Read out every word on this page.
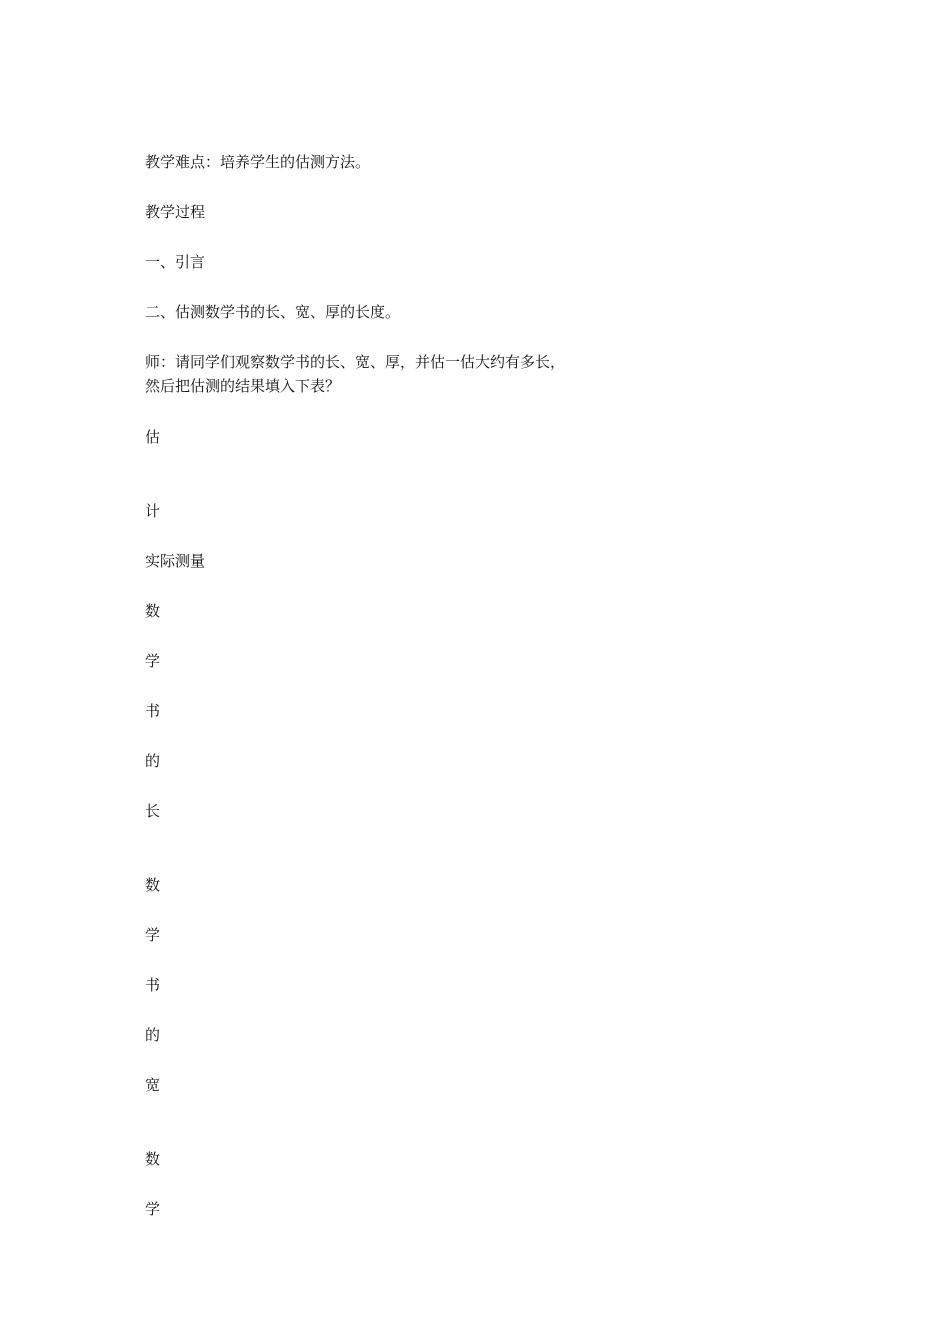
教学难点：培养学生的估测方法。
教学过程
一、引言
二、估测数学书的长、宽、厚的长度。
师：请同学们观察数学书的长、宽、厚，并估一估大约有多长，
然后把估测的结果填入下表？
估
计
实际测量
数
学
书
的
长
数
学
书
的
宽
数
学
